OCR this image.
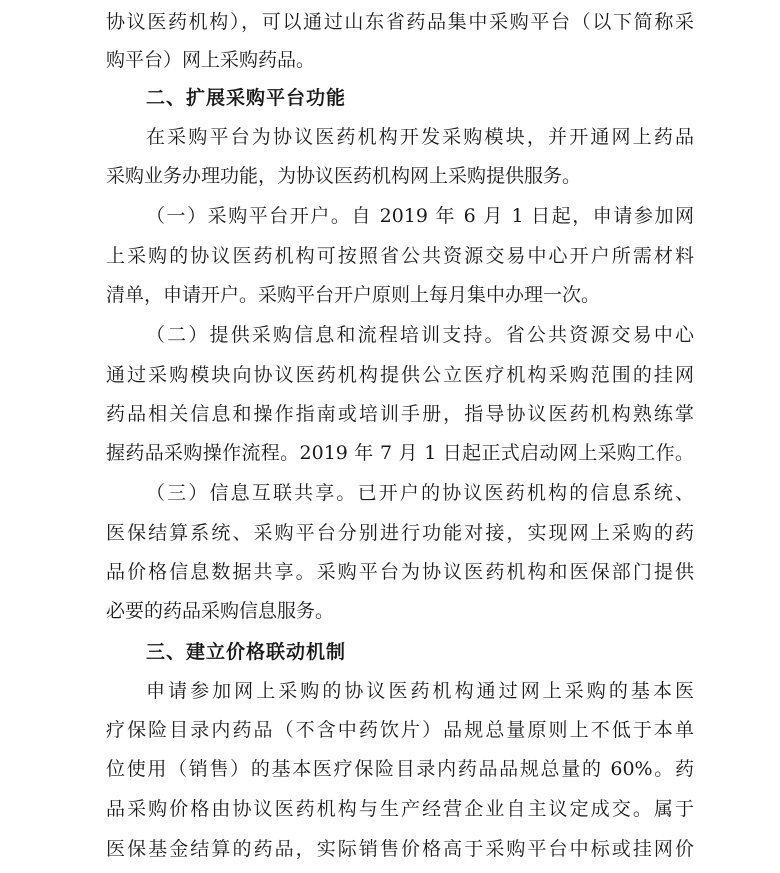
协议医药机构），可以通过山东省药品集中采购平台（以下简称采
购平台）网上采购药品。
二、扩展采购平台功能
在采购平台为协议医药机构开发采购模块，并开通网上药品
采购业务办理功能，为协议医药机构网上采购提供服务。
（一）采购平台开户。自 2019 年 6 月 1 日起，申请参加网
上采购的协议医药机构可按照省公共资源交易中心开户所需材料
清单，申请开户。采购平台开户原则上每月集中办理一次。
（二）提供采购信息和流程培训支持。省公共资源交易中心
通过采购模块向协议医药机构提供公立医疗机构采购范围的挂网
药品相关信息和操作指南或培训手册，指导协议医药机构熟练掌
握药品采购操作流程。2019 年 7 月 1 日起正式启动网上采购工作。
（三）信息互联共享。已开户的协议医药机构的信息系统、
医保结算系统、采购平台分别进行功能对接，实现网上采购的药
品价格信息数据共享。采购平台为协议医药机构和医保部门提供
必要的药品采购信息服务。
三、建立价格联动机制
申请参加网上采购的协议医药机构通过网上采购的基本医
疗保险目录内药品（不含中药饮片）品规总量原则上不低于本单
位使用（销售）的基本医疗保险目录内药品品规总量的 60%。药
品采购价格由协议医药机构与生产经营企业自主议定成交。属于
医保基金结算的药品，实际销售价格高于采购平台中标或挂网价
